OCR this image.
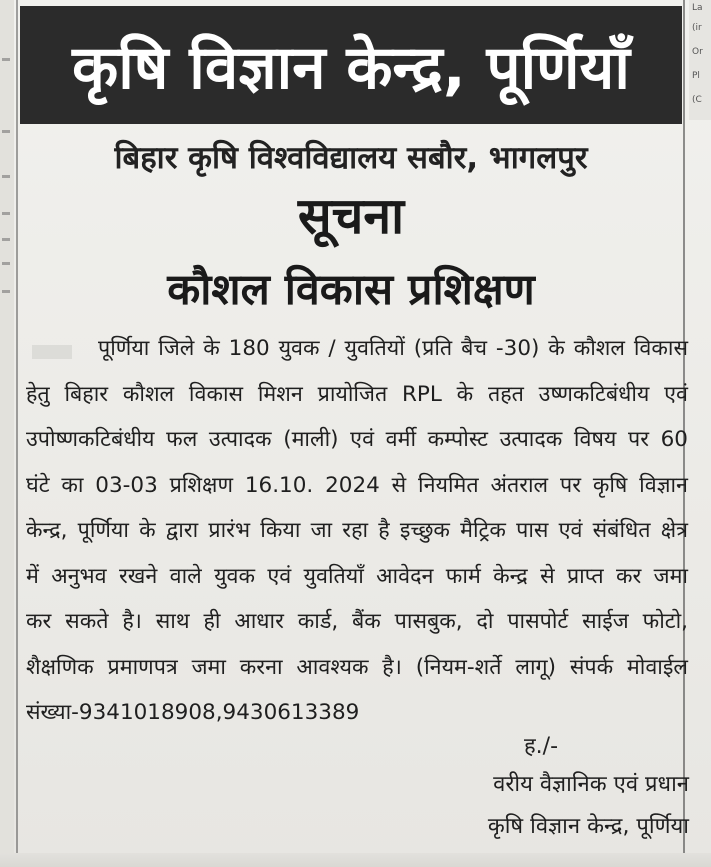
La
(ir
Or
Pl
(C
कृषि विज्ञान केन्द्र, पूर्णियाँ
बिहार कृषि विश्वविद्यालय सबौर, भागलपुर
सूचना
कौशल विकास प्रशिक्षण
पूर्णिया जिले के 180 युवक / युवतियों (प्रति बैच -30) के कौशल विकास
हेतु बिहार कौशल विकास मिशन प्रायोजित RPL के तहत उष्णकटिबंधीय एवं
उपोष्णकटिबंधीय फल उत्पादक (माली) एवं वर्मी कम्पोस्ट उत्पादक विषय पर 60
घंटे का 03-03 प्रशिक्षण 16.10. 2024 से नियमित अंतराल पर कृषि विज्ञान
केन्द्र, पूर्णिया के द्वारा प्रारंभ किया जा रहा है इच्छुक मैट्रिक पास एवं संबंधित क्षेत्र
में अनुभव रखने वाले युवक एवं युवतियाँ आवेदन फार्म केन्द्र से प्राप्त कर जमा
कर सकते है। साथ ही आधार कार्ड, बैंक पासबुक, दो पासपोर्ट साईज फोटो,
शैक्षणिक प्रमाणपत्र जमा करना आवश्यक है। (नियम-शर्ते लागू) संपर्क मोवाईल
संख्या-9341018908,9430613389
ह./-
वरीय वैज्ञानिक एवं प्रधान
कृषि विज्ञान केन्द्र, पूर्णिया
